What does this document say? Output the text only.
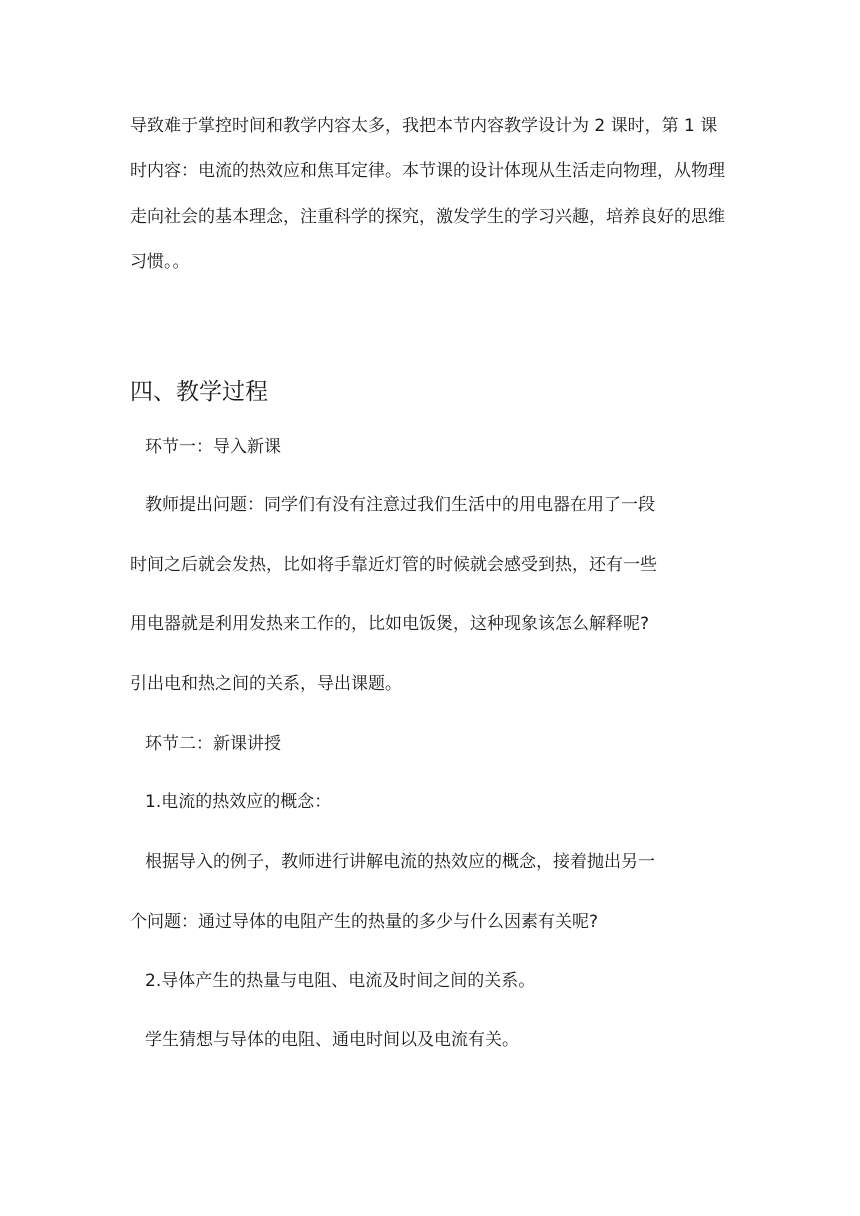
导致难于掌控时间和教学内容太多，我把本节内容教学设计为 2 课时，第 1 课
时内容：电流的热效应和焦耳定律。本节课的设计体现从生活走向物理，从物理
走向社会的基本理念，注重科学的探究，激发学生的学习兴趣，培养良好的思维
习惯。。
四、教学过程

环节一：导入新课

教师提出问题：同学们有没有注意过我们生活中的用电器在用了一段

时间之后就会发热，比如将手靠近灯管的时候就会感受到热，还有一些

用电器就是利用发热来工作的，比如电饭煲，这种现象该怎么解释呢?

引出电和热之间的关系，导出课题。

环节二：新课讲授

1.电流的热效应的概念：

根据导入的例子，教师进行讲解电流的热效应的概念，接着抛出另一

个问题：通过导体的电阻产生的热量的多少与什么因素有关呢?

2.导体产生的热量与电阻、电流及时间之间的关系。

学生猜想与导体的电阻、通电时间以及电流有关。
